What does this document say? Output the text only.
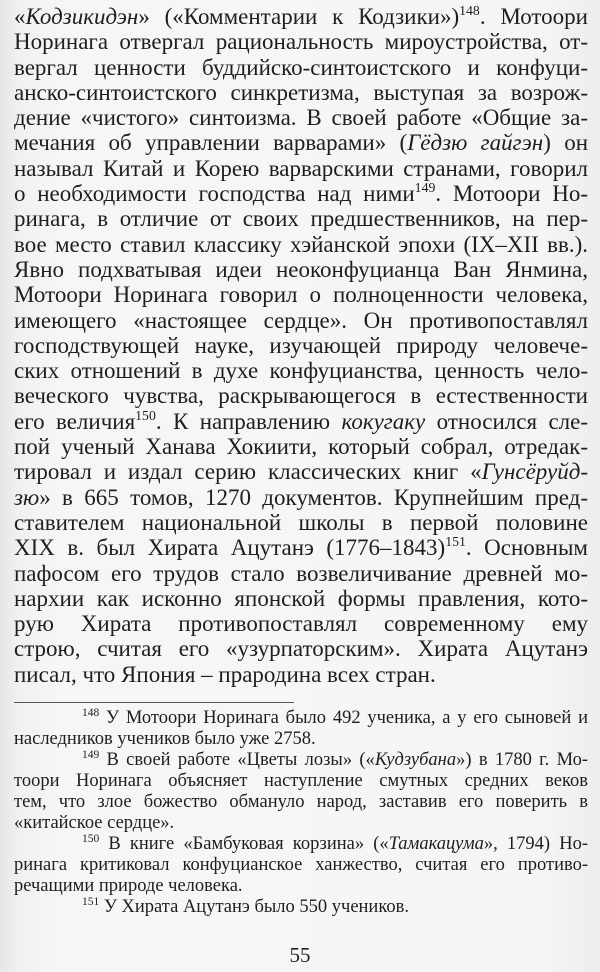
«Кодзикидэн» («Комментарии к Кодзики»)$^{148}$. Мотоори
Норинага отвергал рациональность мироустройства, от-
вергал ценности буддийско-синтоистского и конфуци-
анско-синтоистского синкретизма, выступая за возрож-
дение «чистого» синтоизма. В своей работе «Общие за-
мечания об управлении варварами» (Гёдзю гайгэн) он
называл Китай и Корею варварскими странами, говорил
о необходимости господства над ними$^{149}$. Мотоори Но-
ринага, в отличие от своих предшественников, на пер-
вое место ставил классику хэйанской эпохи (IX–XII вв.).
Явно подхватывая идеи неоконфуцианца Ван Янмина,
Мотоори Норинага говорил о полноценности человека,
имеющего «настоящее сердце». Он противопоставлял
господствующей науке, изучающей природу человече-
ских отношений в духе конфуцианства, ценность чело-
веческого чувства, раскрывающегося в естественности
его величия$^{150}$. К направлению кокугаку относился сле-
пой ученый Ханава Хокиити, который собрал, отредак-
тировал и издал серию классических книг «Гунсёруйд-
зю» в 665 томов, 1270 документов. Крупнейшим пред-
ставителем национальной школы в первой половине
XIX в. был Хирата Ацутанэ (1776–1843)$^{151}$. Основным
пафосом его трудов стало возвеличивание древней мо-
нархии как исконно японской формы правления, кото-
рую Хирата противопоставлял современному ему
строю, считая его «узурпаторским». Хирата Ацутанэ
писал, что Япония – прародина всех стран.
$^{148}$ У Мотоори Норинага было 492 ученика, а у его сыновей и
наследников учеников было уже 2758.
$^{149}$ В своей работе «Цветы лозы» («Кудзубана») в 1780 г. Мо-
тоори Норинага объясняет наступление смутных средних веков
тем, что злое божество обмануло народ, заставив его поверить в
«китайское сердце».
$^{150}$ В книге «Бамбуковая корзина» («Тамакацума», 1794) Но-
ринага критиковал конфуцианское ханжество, считая его противо-
речащими природе человека.
$^{151}$ У Хирата Ацутанэ было 550 учеников.
55
